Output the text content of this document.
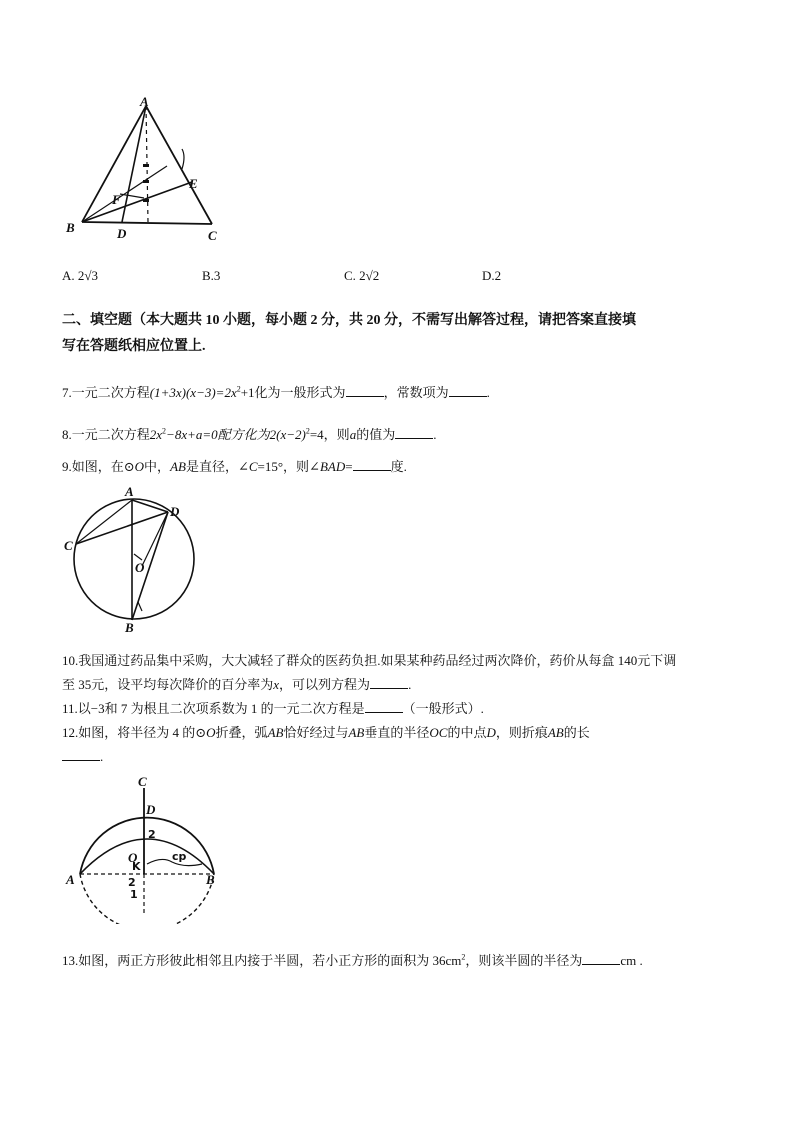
A
B
C
D
E
F
A. 2√3	B.3	C. 2√2	D.2
二、填空题（本大题共 10 小题，每小题 2 分，共 20 分，不需写出解答过程，请把答案直接填
写在答题纸相应位置上.
7.一元二次方程$(1+3x)(x-3)=2x^2+1$化为一般形式为	，常数项为	.
8.一元二次方程$2x^2-8x+a=0$配方化为$2(x-2)^2=4$，则a的值为	.
9.如图，在⊙O中，AB是直径，∠C=15°，则∠BAD=	度.
A
B
C
D
O
10.我国通过药品集中采购，大大减轻了群众的医药负担.如果某种药品经过两次降价，药价从每盒 140元下调
至 35元，设平均每次降价的百分率为x，可以列方程为	.
11.以−3和 7 为根且二次项系数为 1 的一元二次方程是	（一般形式）.
12.如图，将半径为 4 的⊙O折叠，弧AB恰好经过与AB垂直的半径OC的中点D，则折痕AB的长
.
C
D
O
A	B
2
cp
K
2
1
13.如图，两正方形彼此相邻且内接于半圆，若小正方形的面积为 $36cm^2$，则该半圆的半径为	cm .
